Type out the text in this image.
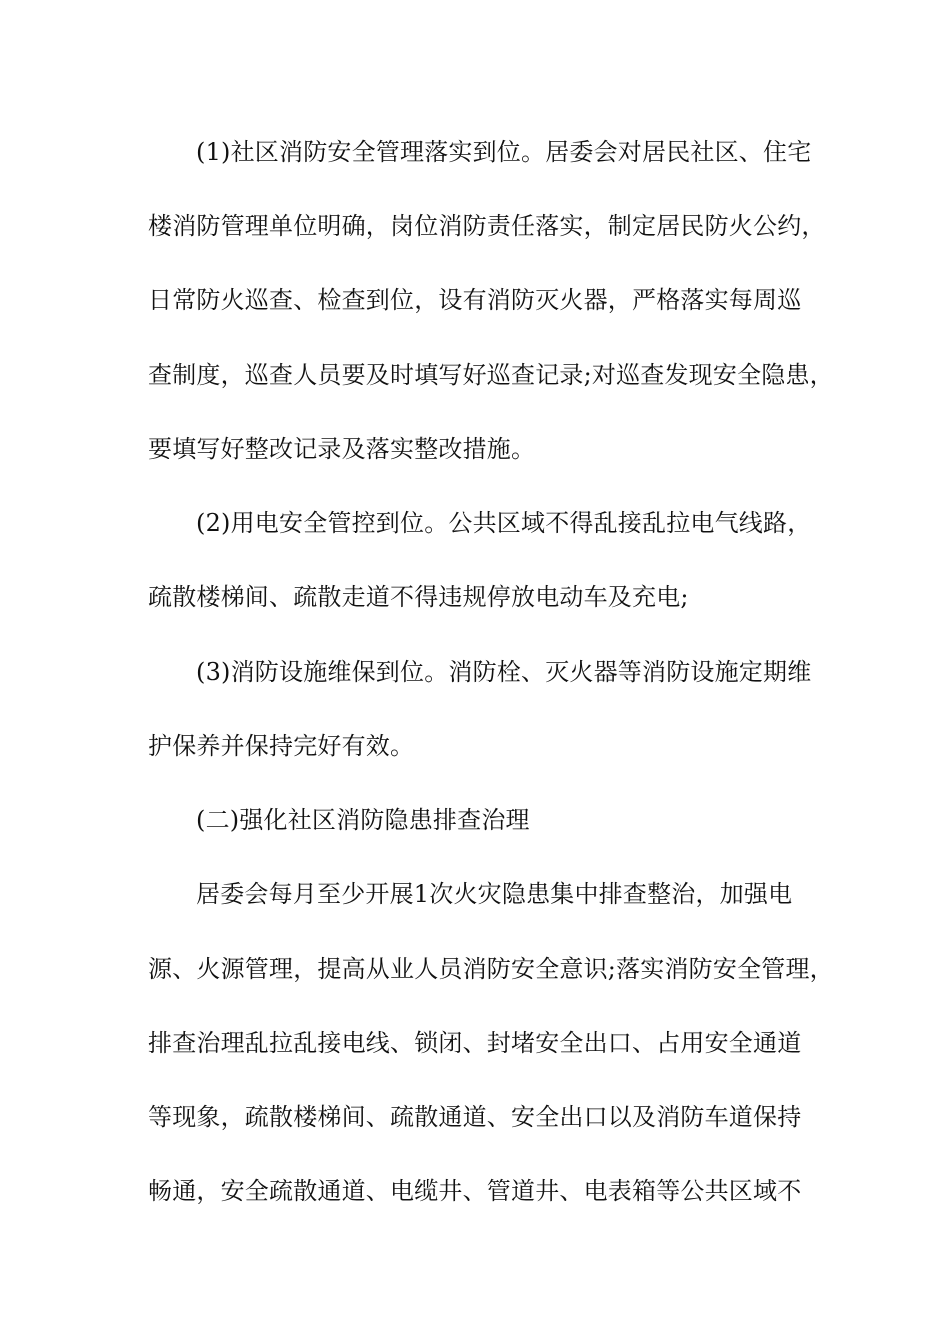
(1)社区消防安全管理落实到位。居委会对居民社区、住宅
楼消防管理单位明确，岗位消防责任落实，制定居民防火公约，
日常防火巡查、检查到位，设有消防灭火器，严格落实每周巡
查制度，巡查人员要及时填写好巡查记录;对巡查发现安全隐患，
要填写好整改记录及落实整改措施。
(2)用电安全管控到位。公共区域不得乱接乱拉电气线路，
疏散楼梯间、疏散走道不得违规停放电动车及充电;
(3)消防设施维保到位。消防栓、灭火器等消防设施定期维
护保养并保持完好有效。
(二)强化社区消防隐患排查治理
居委会每月至少开展1次火灾隐患集中排查整治，加强电
源、火源管理，提高从业人员消防安全意识;落实消防安全管理，
排查治理乱拉乱接电线、锁闭、封堵安全出口、占用安全通道
等现象，疏散楼梯间、疏散通道、安全出口以及消防车道保持
畅通，安全疏散通道、电缆井、管道井、电表箱等公共区域不
